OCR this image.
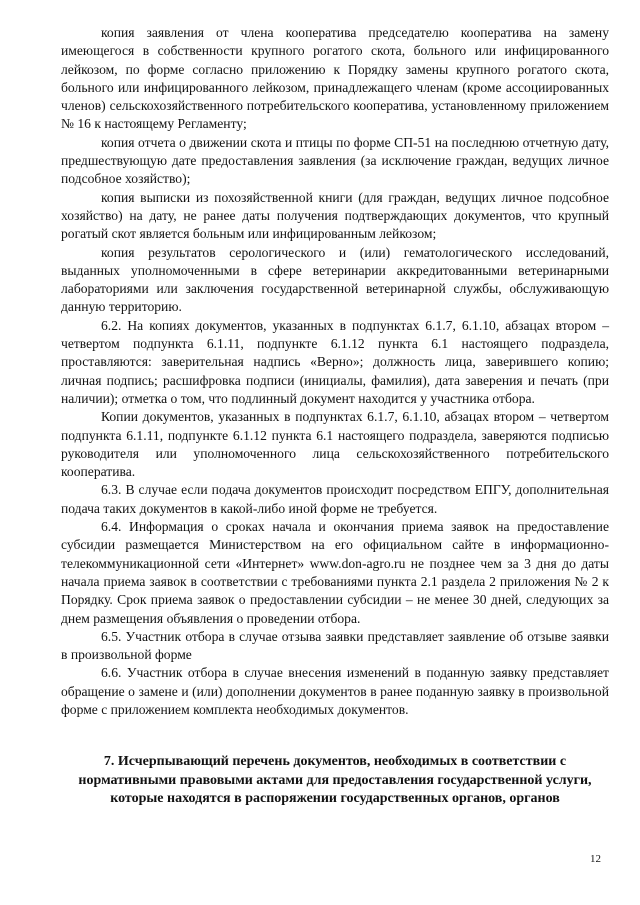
копия заявления от члена кооператива председателю кооператива на замену имеющегося в собственности крупного рогатого скота, больного или инфицированного лейкозом, по форме согласно приложению к Порядку замены крупного рогатого скота, больного или инфицированного лейкозом, принадлежащего членам (кроме ассоциированных членов) сельскохозяйственного потребительского кооператива, установленному приложением № 16 к настоящему Регламенту;

копия отчета о движении скота и птицы по форме СП-51 на последнюю отчетную дату, предшествующую дате предоставления заявления (за исключение граждан, ведущих личное подсобное хозяйство);

копия выписки из похозяйственной книги (для граждан, ведущих личное подсобное хозяйство) на дату, не ранее даты получения подтверждающих документов, что крупный рогатый скот является больным или инфицированным лейкозом;

копия результатов серологического и (или) гематологического исследований, выданных уполномоченными в сфере ветеринарии аккредитованными ветеринарными лабораториями или заключения государственной ветеринарной службы, обслуживающую данную территорию.

6.2. На копиях документов, указанных в подпунктах 6.1.7, 6.1.10, абзацах втором – четвертом подпункта 6.1.11, подпункте 6.1.12 пункта 6.1 настоящего подраздела, проставляются: заверительная надпись «Верно»; должность лица, заверившего копию; личная подпись; расшифровка подписи (инициалы, фамилия), дата заверения и печать (при наличии); отметка о том, что подлинный документ находится у участника отбора.

Копии документов, указанных в подпунктах 6.1.7, 6.1.10, абзацах втором – четвертом подпункта 6.1.11, подпункте 6.1.12 пункта 6.1 настоящего подраздела, заверяются подписью руководителя или уполномоченного лица сельскохозяйственного потребительского кооператива.

6.3. В случае если подача документов происходит посредством ЕПГУ, дополнительная подача таких документов в какой-либо иной форме не требуется.

6.4. Информация о сроках начала и окончания приема заявок на предоставление субсидии размещается Министерством на его официальном сайте в информационно-телекоммуникационной сети «Интернет» www.don-agro.ru не позднее чем за 3 дня до даты начала приема заявок в соответствии с требованиями пункта 2.1 раздела 2 приложения № 2 к Порядку. Срок приема заявок о предоставлении субсидии – не менее 30 дней, следующих за днем размещения объявления о проведении отбора.

6.5. Участник отбора в случае отзыва заявки представляет заявление об отзыве заявки в произвольной форме

6.6. Участник отбора в случае внесения изменений в поданную заявку представляет обращение о замене и (или) дополнении документов в ранее поданную заявку в произвольной форме с приложением комплекта необходимых документов.

7. Исчерпывающий перечень документов, необходимых в соответствии с нормативными правовыми актами для предоставления государственной услуги, которые находятся в распоряжении государственных органов, органов
12
